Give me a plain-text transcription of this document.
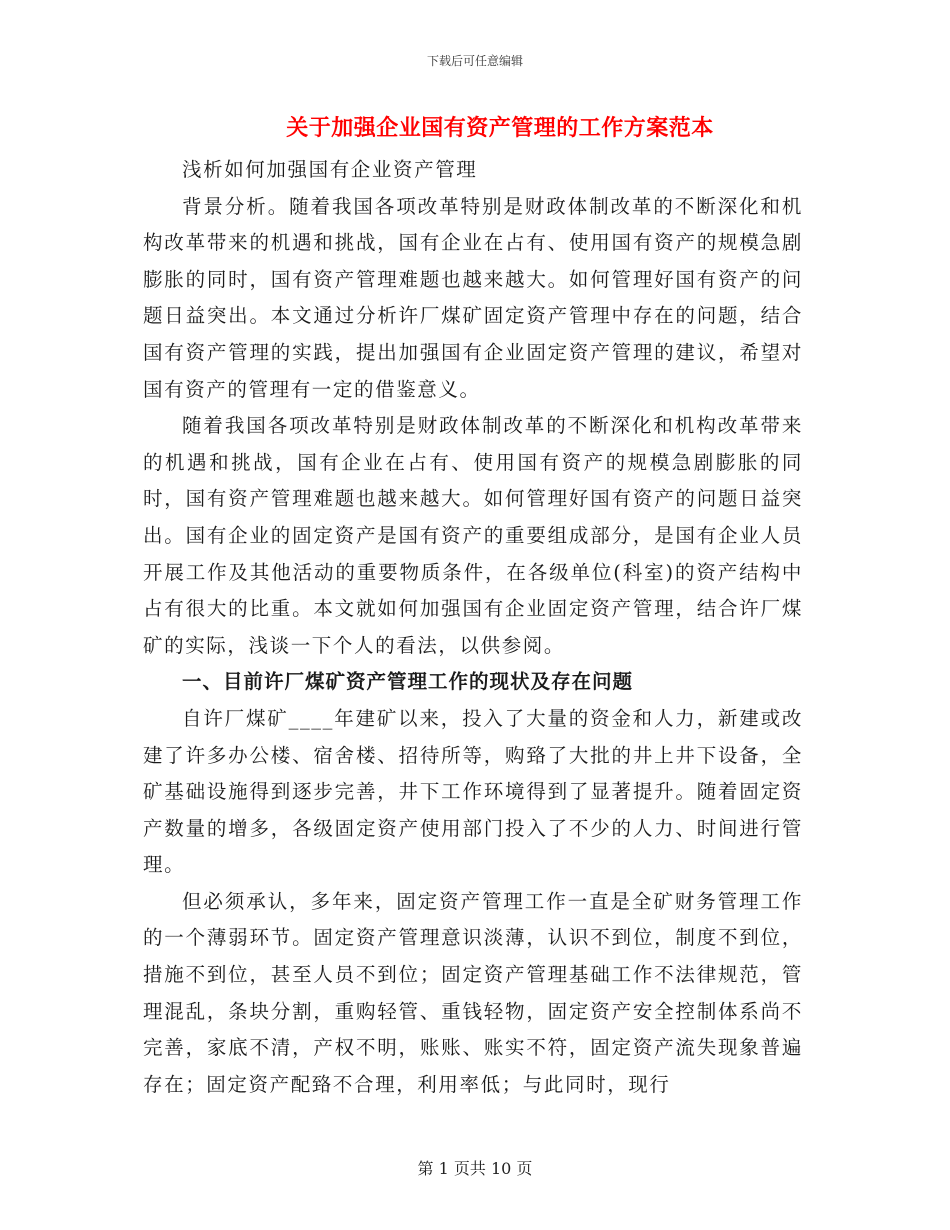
下载后可任意编辑
关于加强企业国有资产管理的工作方案范本

浅析如何加强国有企业资产管理

背景分析。随着我国各项改革特别是财政体制改革的不断深化和机构改革带来的机遇和挑战，国有企业在占有、使用国有资产的规模急剧膨胀的同时，国有资产管理难题也越来越大。如何管理好国有资产的问题日益突出。本文通过分析许厂煤矿固定资产管理中存在的问题，结合国有资产管理的实践，提出加强国有企业固定资产管理的建议，希望对国有资产的管理有一定的借鉴意义。

随着我国各项改革特别是财政体制改革的不断深化和机构改革带来的机遇和挑战，国有企业在占有、使用国有资产的规模急剧膨胀的同时，国有资产管理难题也越来越大。如何管理好国有资产的问题日益突出。国有企业的固定资产是国有资产的重要组成部分，是国有企业人员开展工作及其他活动的重要物质条件，在各级单位(科室)的资产结构中占有很大的比重。本文就如何加强国有企业固定资产管理，结合许厂煤矿的实际，浅谈一下个人的看法，以供参阅。

一、目前许厂煤矿资产管理工作的现状及存在问题

自许厂煤矿____年建矿以来，投入了大量的资金和人力，新建或改建了许多办公楼、宿舍楼、招待所等，购臵了大批的井上井下设备，全矿基础设施得到逐步完善，井下工作环境得到了显著提升。随着固定资产数量的增多，各级固定资产使用部门投入了不少的人力、时间进行管理。

但必须承认，多年来，固定资产管理工作一直是全矿财务管理工作的一个薄弱环节。固定资产管理意识淡薄，认识不到位，制度不到位，措施不到位，甚至人员不到位；固定资产管理基础工作不法律规范，管理混乱，条块分割，重购轻管、重钱轻物，固定资产安全控制体系尚不完善，家底不清，产权不明，账账、账实不符，固定资产流失现象普遍存在；固定资产配臵不合理，利用率低；与此同时，现行

第 1 页共 10 页
